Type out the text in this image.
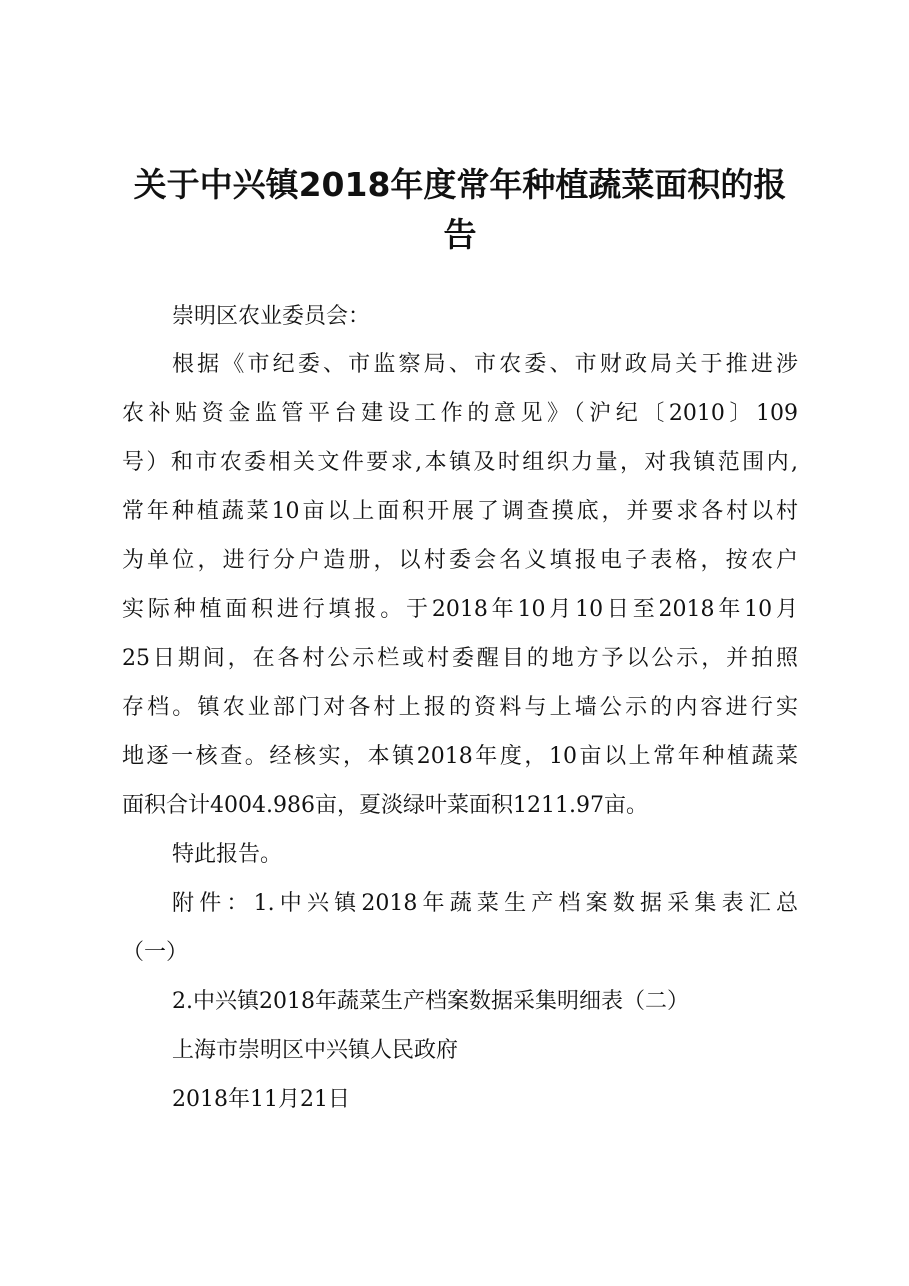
关于中兴镇2018年度常年种植蔬菜面积的报
告
崇明区农业委员会：
根据《市纪委、市监察局、市农委、市财政局关于推进涉
农补贴资金监管平台建设工作的意见》（沪纪〔2010〕109
号）和市农委相关文件要求,本镇及时组织力量，对我镇范围内,
常年种植蔬菜10亩以上面积开展了调查摸底，并要求各村以村
为单位，进行分户造册，以村委会名义填报电子表格，按农户
实际种植面积进行填报。于2018年10月10日至2018年10月
25日期间，在各村公示栏或村委醒目的地方予以公示，并拍照
存档。镇农业部门对各村上报的资料与上墙公示的内容进行实
地逐一核查。经核实，本镇2018年度，10亩以上常年种植蔬菜
面积合计4004.986亩，夏淡绿叶菜面积1211.97亩。
特此报告。
附件：1.中兴镇2018年蔬菜生产档案数据采集表汇总
（一）
2.中兴镇2018年蔬菜生产档案数据采集明细表（二）
上海市崇明区中兴镇人民政府
2018年11月21日
